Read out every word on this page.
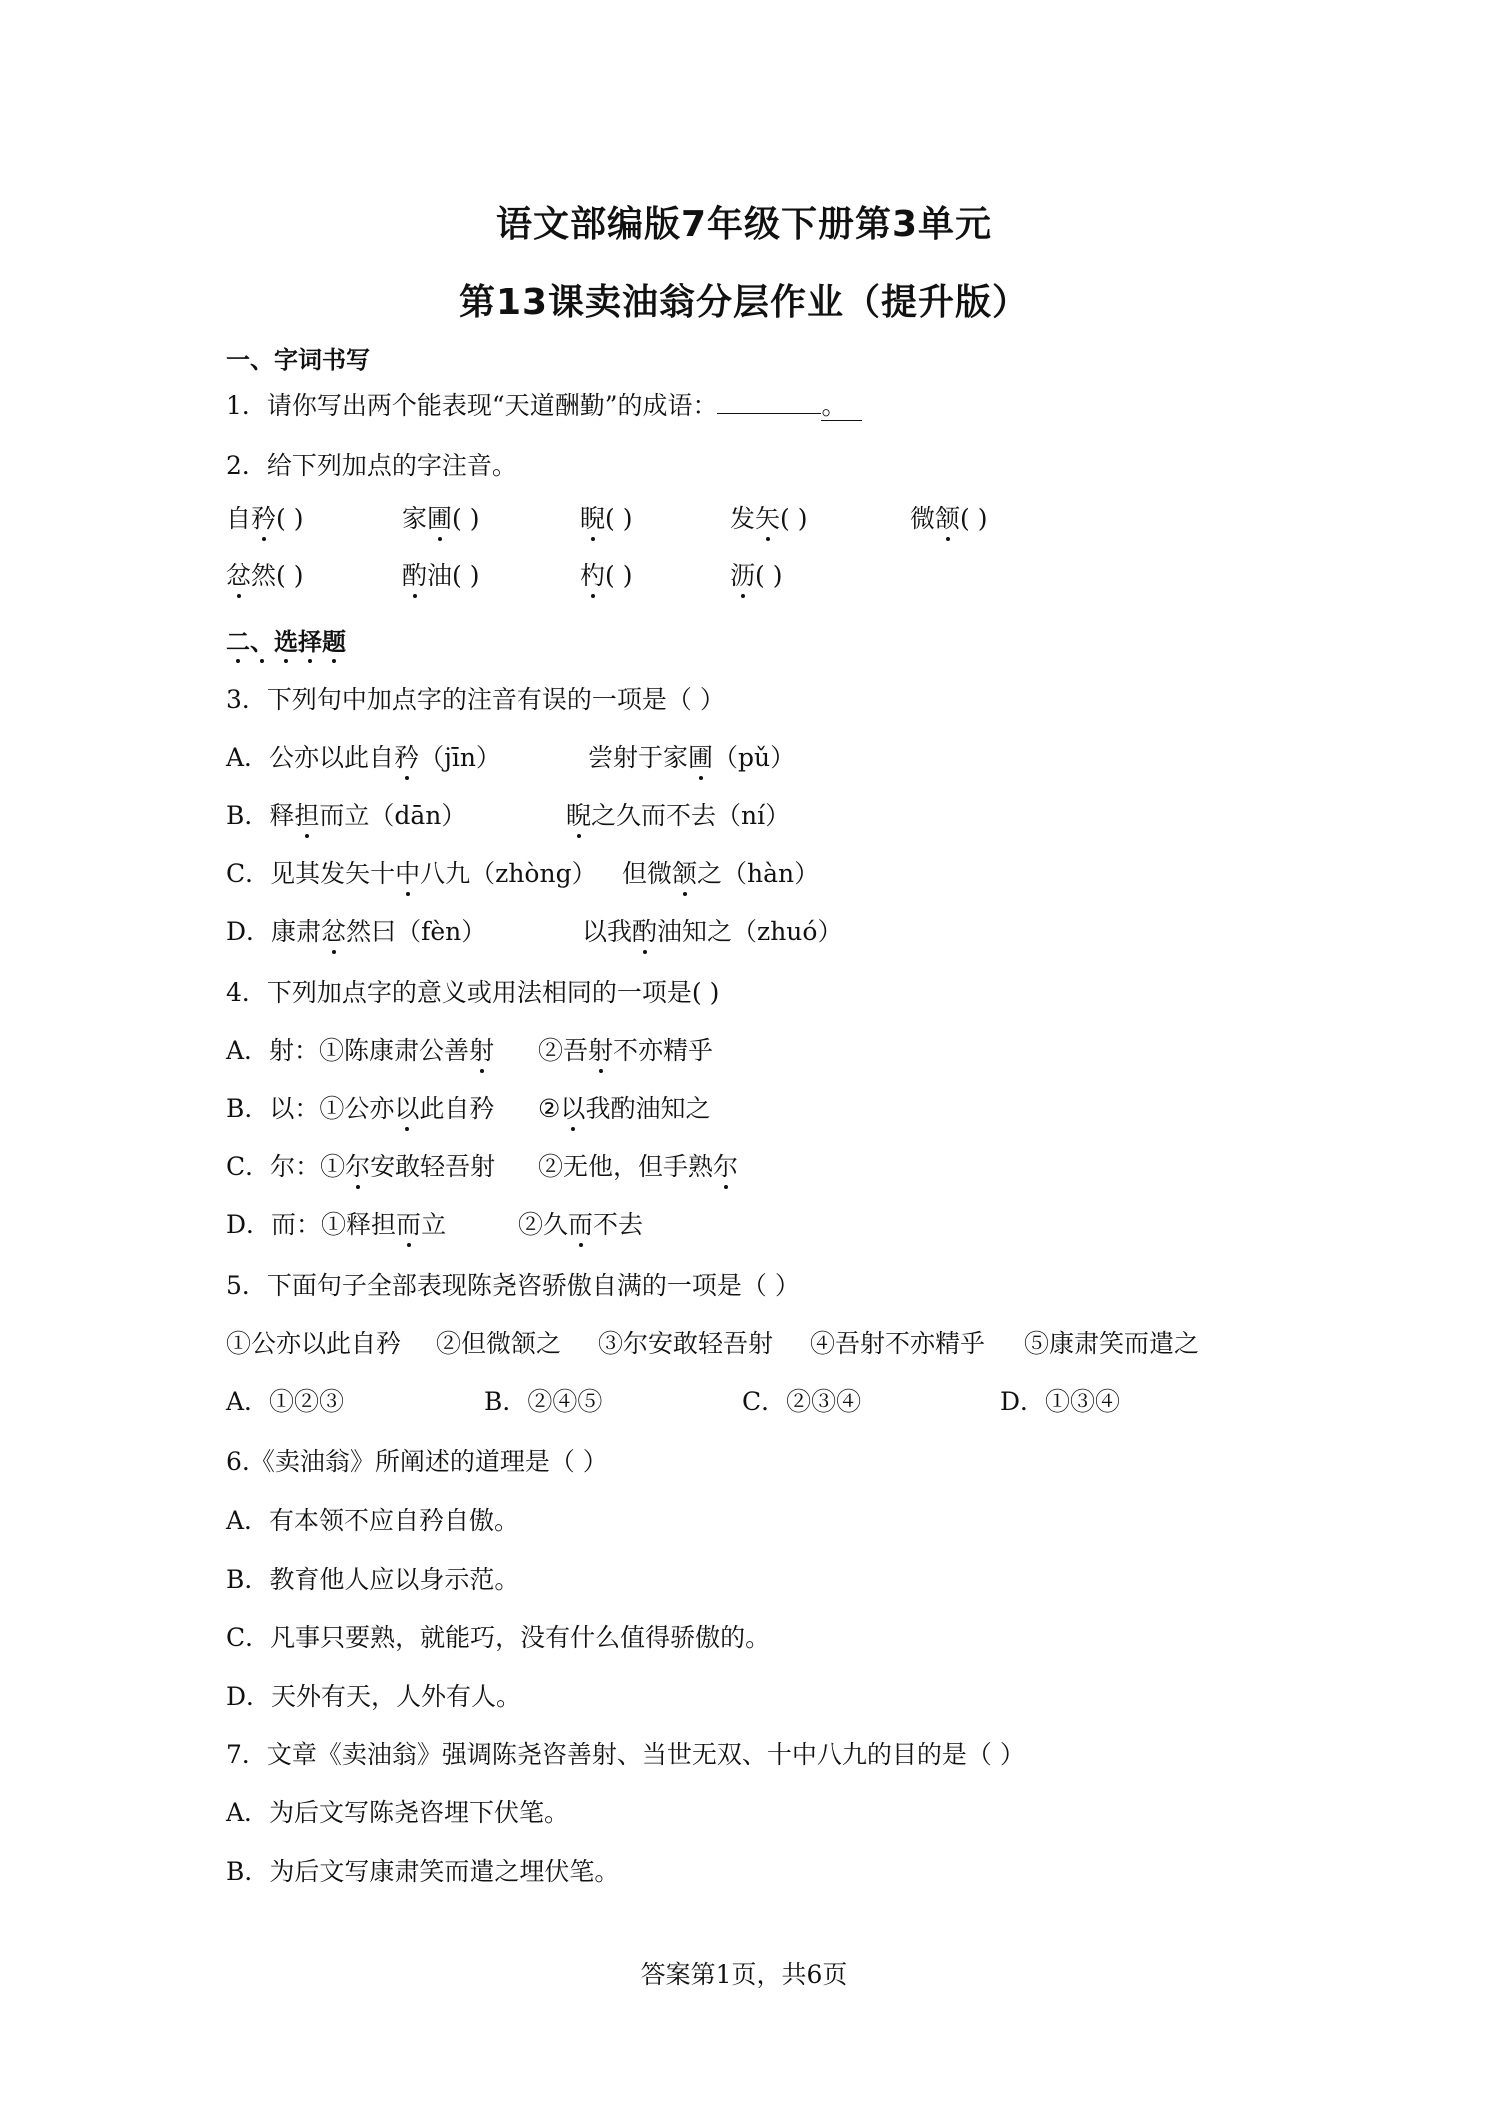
语文部编版7年级下册第3单元
第13课卖油翁分层作业（提升版）
一、字词书写
1．请你写出两个能表现“天道酬勤”的成语：	。
2．给下列加点的字注音。
自矜( )	家圃( )	睨( )	发矢( )	微颔( )
忿然( )	酌油( )	杓( )	沥( )
二、选择题
3．下列句中加点字的注音有误的一项是（ ）
A．公亦以此自矜（jīn）	尝射于家圃（pǔ）
B．释担而立（dān）	睨之久而不去（ní）
C．见其发矢十中八九（zhòng） 但微颔之（hàn）
D．康肃忿然曰（fèn）	以我酌油知之（zhuó）
4．下列加点字的意义或用法相同的一项是( )
A．射：①陈康肃公善射 ②吾射不亦精乎
B．以：①公亦以此自矜 ②以我酌油知之
C．尔：①尔安敢轻吾射 ②无他，但手熟尔
D．而：①释担而立	②久而不去
5．下面句子全部表现陈尧咨骄傲自满的一项是（ ）
①公亦以此自矜 ②但微颔之 ③尔安敢轻吾射 ④吾射不亦精乎 ⑤康肃笑而遣之
A．①②③	B．②④⑤	C．②③④	D．①③④
6.《卖油翁》所阐述的道理是（ ）
A．有本领不应自矜自傲。
B．教育他人应以身示范。
C．凡事只要熟，就能巧，没有什么值得骄傲的。
D．天外有天，人外有人。
7．文章《卖油翁》强调陈尧咨善射、当世无双、十中八九的目的是（ ）
A．为后文写陈尧咨埋下伏笔。
B．为后文写康肃笑而遣之埋伏笔。
答案第1页，共6页
